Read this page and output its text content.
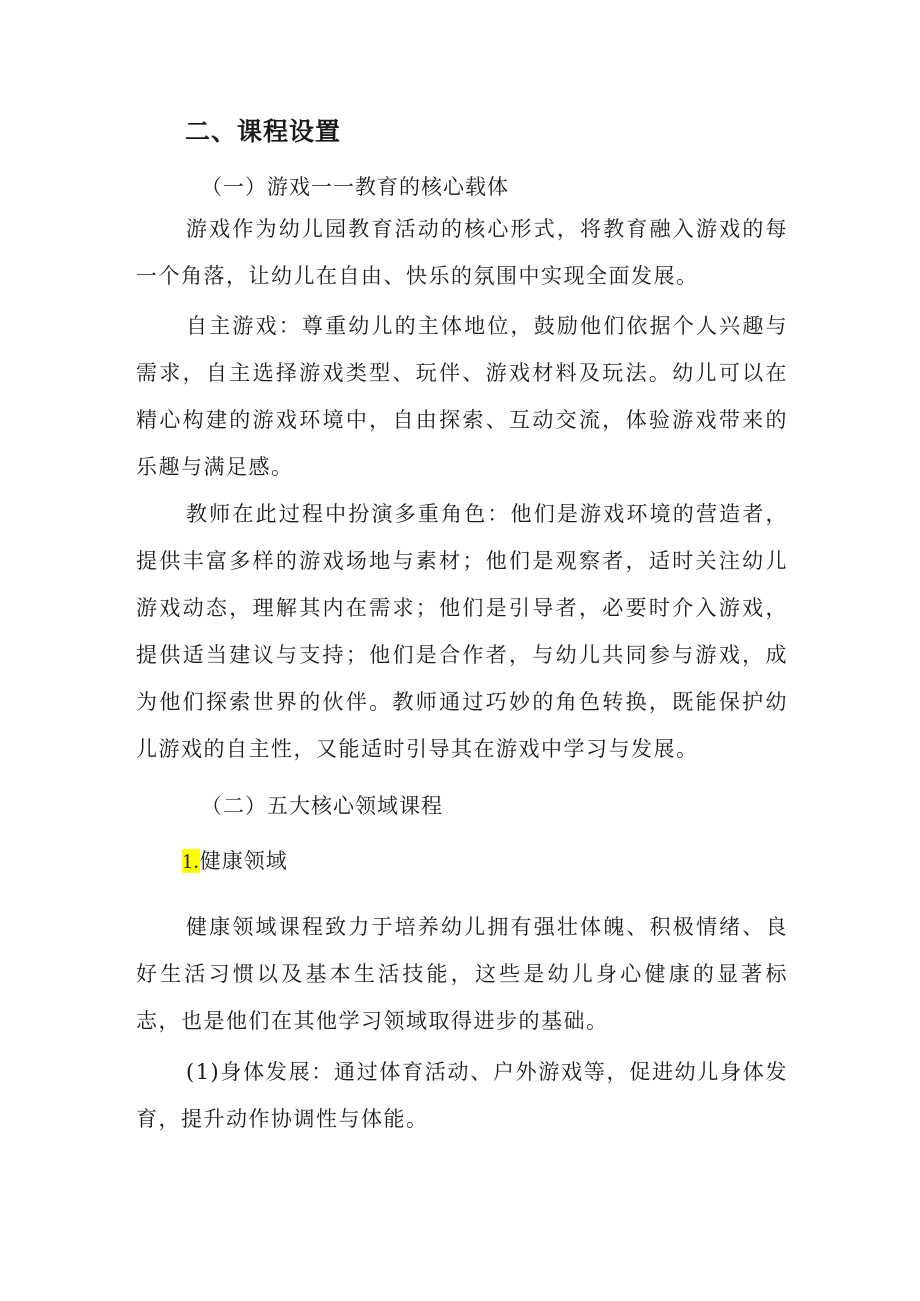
二、课程设置

（一）游戏一一教育的核心载体

游戏作为幼儿园教育活动的核心形式，将教育融入游戏的每一个角落，让幼儿在自由、快乐的氛围中实现全面发展。

自主游戏：尊重幼儿的主体地位，鼓励他们依据个人兴趣与需求，自主选择游戏类型、玩伴、游戏材料及玩法。幼儿可以在精心构建的游戏环境中，自由探索、互动交流，体验游戏带来的乐趣与满足感。

教师在此过程中扮演多重角色：他们是游戏环境的营造者，提供丰富多样的游戏场地与素材；他们是观察者，适时关注幼儿游戏动态，理解其内在需求；他们是引导者，必要时介入游戏，提供适当建议与支持；他们是合作者，与幼儿共同参与游戏，成为他们探索世界的伙伴。教师通过巧妙的角色转换，既能保护幼儿游戏的自主性，又能适时引导其在游戏中学习与发展。

（二）五大核心领域课程

1.健康领域

健康领域课程致力于培养幼儿拥有强壮体魄、积极情绪、良好生活习惯以及基本生活技能，这些是幼儿身心健康的显著标志，也是他们在其他学习领域取得进步的基础。

(1)身体发展：通过体育活动、户外游戏等，促进幼儿身体发育，提升动作协调性与体能。
